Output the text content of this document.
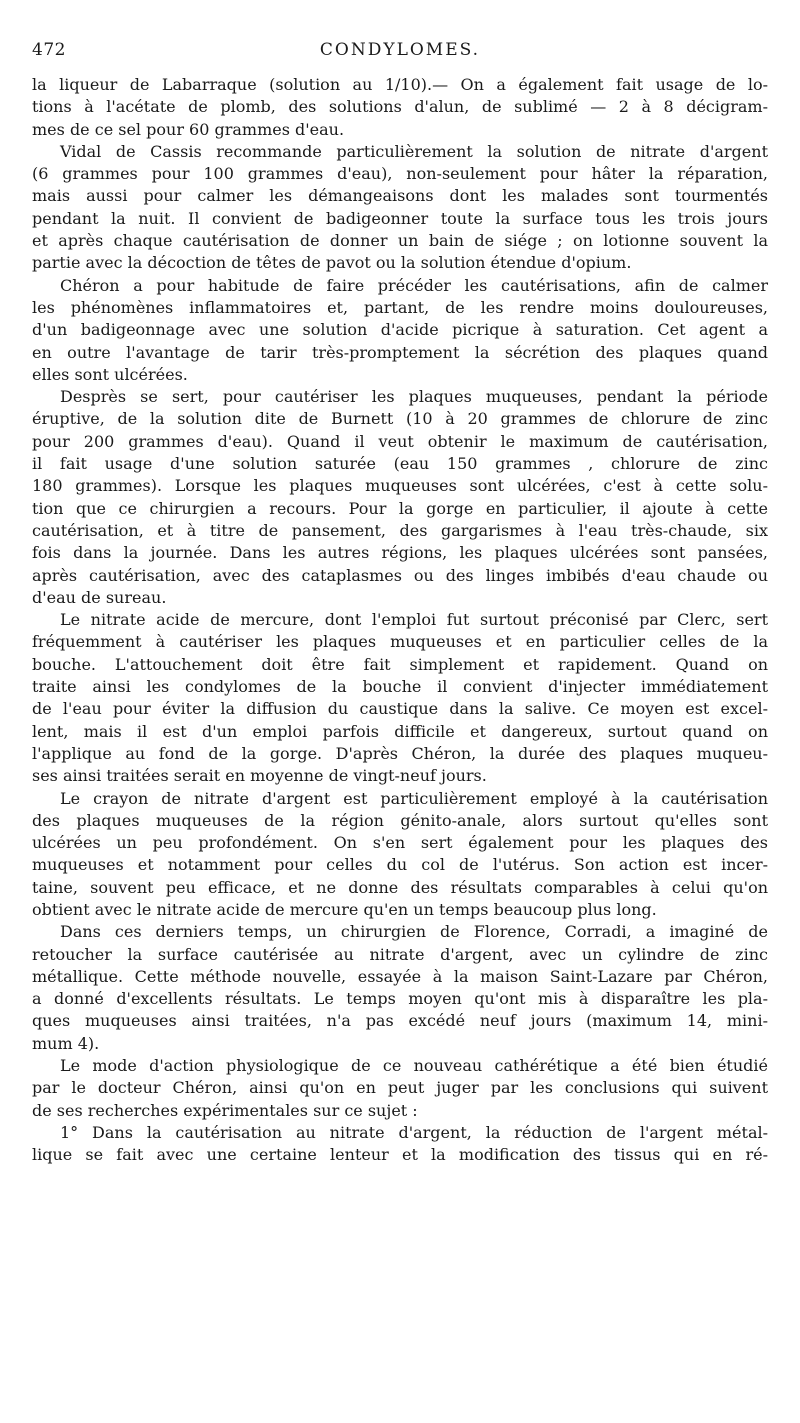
472	CONDYLOMES.
la liqueur de Labarraque (solution au 1/10).— On a également fait usage de lo-
tions à l'acétate de plomb, des solutions d'alun, de sublimé — 2 à 8 décigram-
mes de ce sel pour 60 grammes d'eau.
Vidal de Cassis recommande particulièrement la solution de nitrate d'argent
(6 grammes pour 100 grammes d'eau), non-seulement pour hâter la réparation,
mais aussi pour calmer les démangeaisons dont les malades sont tourmentés
pendant la nuit. Il convient de badigeonner toute la surface tous les trois jours
et après chaque cautérisation de donner un bain de siége ; on lotionne souvent la
partie avec la décoction de têtes de pavot ou la solution étendue d'opium.
Chéron a pour habitude de faire précéder les cautérisations, afin de calmer
les phénomènes inflammatoires et, partant, de les rendre moins douloureuses,
d'un badigeonnage avec une solution d'acide picrique à saturation. Cet agent a
en outre l'avantage de tarir très-promptement la sécrétion des plaques quand
elles sont ulcérées.
Desprès se sert, pour cautériser les plaques muqueuses, pendant la période
éruptive, de la solution dite de Burnett (10 à 20 grammes de chlorure de zinc
pour 200 grammes d'eau). Quand il veut obtenir le maximum de cautérisation,
il fait usage d'une solution saturée (eau 150 grammes , chlorure de zinc
180 grammes). Lorsque les plaques muqueuses sont ulcérées, c'est à cette solu-
tion que ce chirurgien a recours. Pour la gorge en particulier, il ajoute à cette
cautérisation, et à titre de pansement, des gargarismes à l'eau très-chaude, six
fois dans la journée. Dans les autres régions, les plaques ulcérées sont pansées,
après cautérisation, avec des cataplasmes ou des linges imbibés d'eau chaude ou
d'eau de sureau.
Le nitrate acide de mercure, dont l'emploi fut surtout préconisé par Clerc, sert
fréquemment à cautériser les plaques muqueuses et en particulier celles de la
bouche. L'attouchement doit être fait simplement et rapidement. Quand on
traite ainsi les condylomes de la bouche il convient d'injecter immédiatement
de l'eau pour éviter la diffusion du caustique dans la salive. Ce moyen est excel-
lent, mais il est d'un emploi parfois difficile et dangereux, surtout quand on
l'applique au fond de la gorge. D'après Chéron, la durée des plaques muqueu-
ses ainsi traitées serait en moyenne de vingt-neuf jours.
Le crayon de nitrate d'argent est particulièrement employé à la cautérisation
des plaques muqueuses de la région génito-anale, alors surtout qu'elles sont
ulcérées un peu profondément. On s'en sert également pour les plaques des
muqueuses et notamment pour celles du col de l'utérus. Son action est incer-
taine, souvent peu efficace, et ne donne des résultats comparables à celui qu'on
obtient avec le nitrate acide de mercure qu'en un temps beaucoup plus long.
Dans ces derniers temps, un chirurgien de Florence, Corradi, a imaginé de
retoucher la surface cautérisée au nitrate d'argent, avec un cylindre de zinc
métallique. Cette méthode nouvelle, essayée à la maison Saint-Lazare par Chéron,
a donné d'excellents résultats. Le temps moyen qu'ont mis à disparaître les pla-
ques muqueuses ainsi traitées, n'a pas excédé neuf jours (maximum 14, mini-
mum 4).
Le mode d'action physiologique de ce nouveau cathérétique a été bien étudié
par le docteur Chéron, ainsi qu'on en peut juger par les conclusions qui suivent
de ses recherches expérimentales sur ce sujet :
1° Dans la cautérisation au nitrate d'argent, la réduction de l'argent métal-
lique se fait avec une certaine lenteur et la modification des tissus qui en ré-
